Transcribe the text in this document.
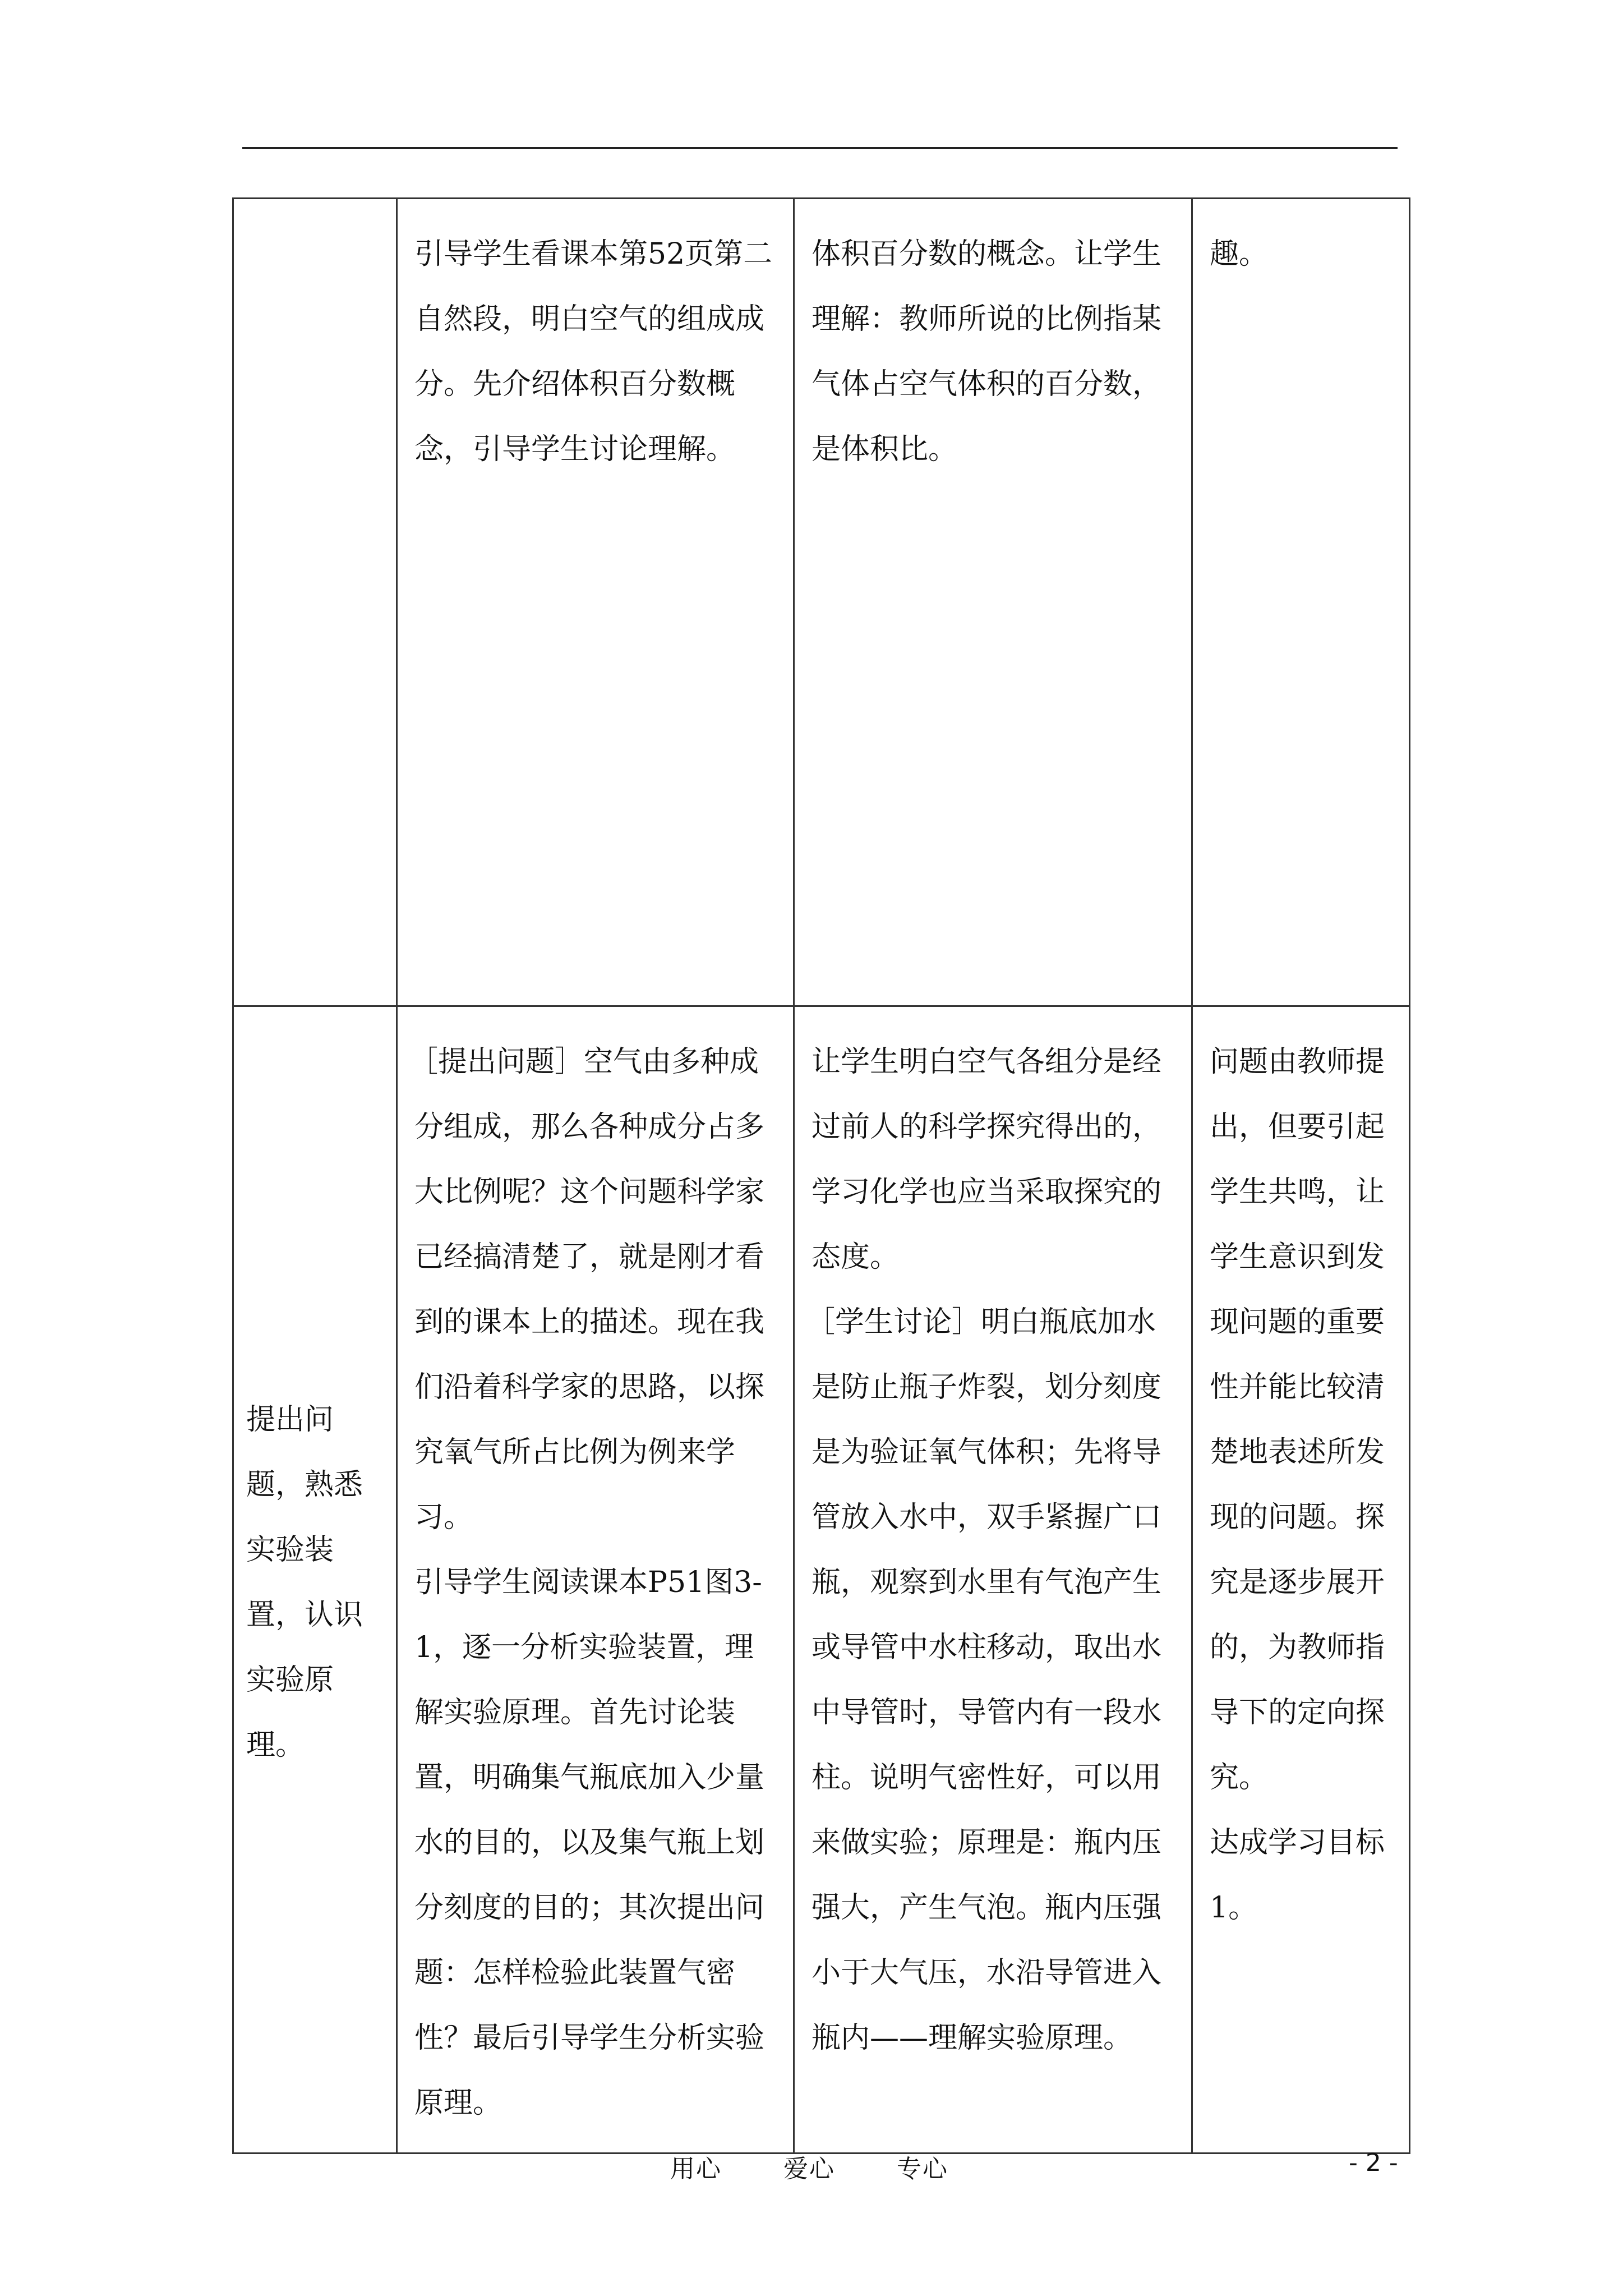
	引导学生看课本第52页第二自然段，明白空气的组成成分。先介绍体积百分数概念，引导学生讨论理解。	体积百分数的概念。让学生理解：教师所说的比例指某气体占空气体积的百分数，是体积比。	趣。

提出问题，熟悉实验装置，认识实验原理。	［提出问题］空气由多种成分组成，那么各种成分占多大比例呢？这个问题科学家已经搞清楚了，就是刚才看到的课本上的描述。现在我们沿着科学家的思路，以探究氧气所占比例为例来学习。
引导学生阅读课本P51图3-1，逐一分析实验装置，理解实验原理。首先讨论装置，明确集气瓶底加入少量水的目的，以及集气瓶上划分刻度的目的；其次提出问题：怎样检验此装置气密性？最后引导学生分析实验原理。	让学生明白空气各组分是经过前人的科学探究得出的，学习化学也应当采取探究的态度。
［学生讨论］明白瓶底加水是防止瓶子炸裂，划分刻度是为验证氧气体积；先将导管放入水中，双手紧握广口瓶，观察到水里有气泡产生或导管中水柱移动，取出水中导管时，导管内有一段水柱。说明气密性好，可以用来做实验；原理是：瓶内压强大，产生气泡。瓶内压强小于大气压，水沿导管进入瓶内——理解实验原理。	问题由教师提出，但要引起学生共鸣，让学生意识到发现问题的重要性并能比较清楚地表述所发现的问题。探究是逐步展开的，为教师指导下的定向探究。
达成学习目标1。
用心	爱心	专心	- 2 -
